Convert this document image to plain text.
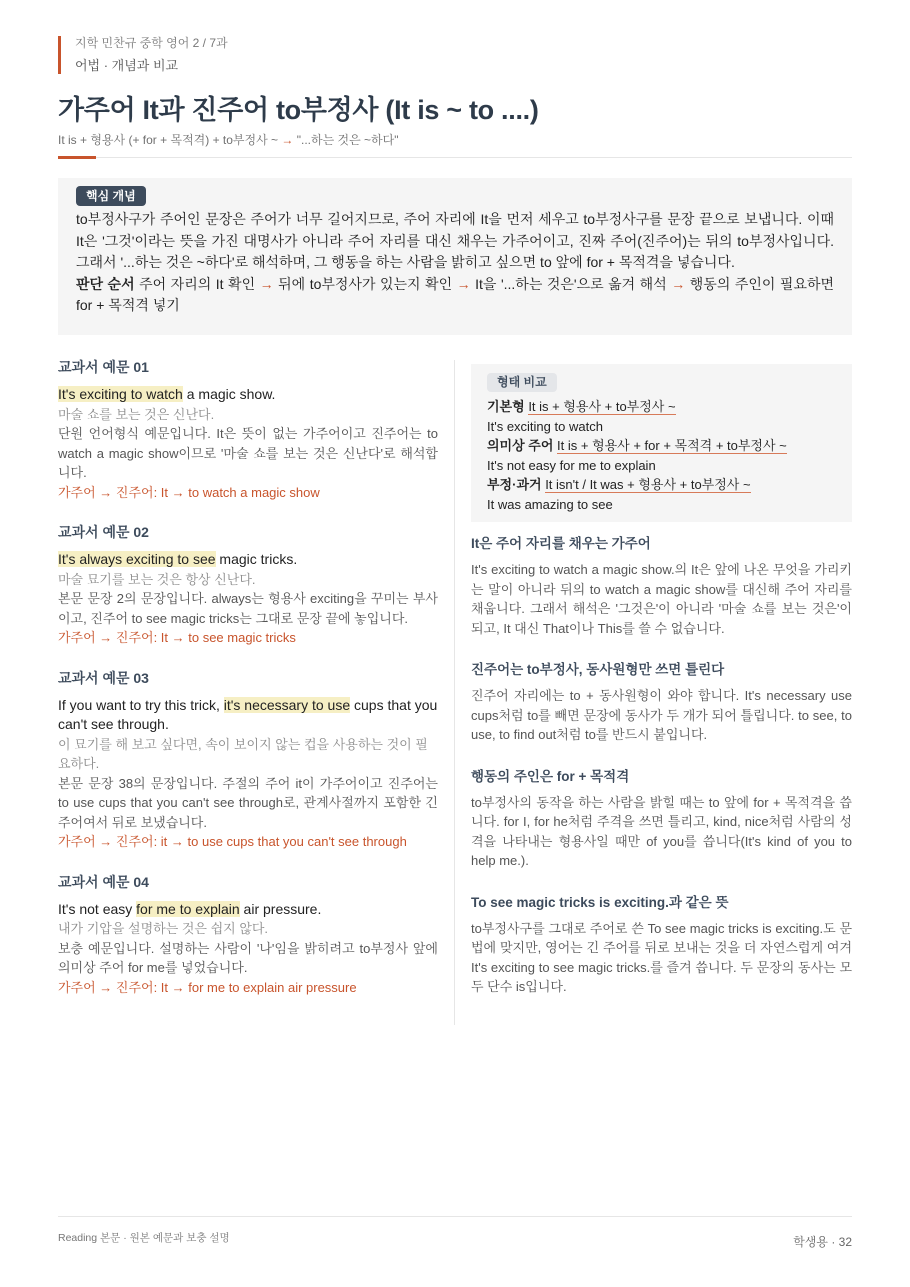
지학 민찬규 중학 영어 2 / 7과
어법 · 개념과 비교
가주어 It과 진주어 to부정사 (It is ~ to ....)
It is + 형용사 (+ for + 목적격) + to부정사 ~ → "...하는 것은 ~하다"
핵심 개념

to부정사구가 주어인 문장은 주어가 너무 길어지므로, 주어 자리에 It을 먼저 세우고 to부정사구를 문장 끝으로 보냅니다. 이때 It은 '그것'이라는 뜻을 가진 대명사가 아니라 주어 자리를 대신 채우는 가주어이고, 진짜 주어(진주어)는 뒤의 to부정사입니다. 그래서 '...하는 것은 ~하다'로 해석하며, 그 행동을 하는 사람을 밝히고 싶으면 to 앞에 for + 목적격을 넣습니다.

판단 순서 주어 자리의 It 확인 → 뒤에 to부정사가 있는지 확인 → It을 '...하는 것은'으로 옮겨 해석 → 행동의 주인이 필요하면 for + 목적격 넣기

교과서 예문 01
It's exciting to watch a magic show.
마술 쇼를 보는 것은 신난다.
단원 언어형식 예문입니다. It은 뜻이 없는 가주어이고 진주어는 to watch a magic show이므로 '마술 쇼를 보는 것은 신난다'로 해석합니다.
가주어 → 진주어: It → to watch a magic show
교과서 예문 02
It's always exciting to see magic tricks.
마술 묘기를 보는 것은 항상 신난다.
본문 문장 2의 문장입니다. always는 형용사 exciting을 꾸미는 부사이고, 진주어 to see magic tricks는 그대로 문장 끝에 놓입니다.
가주어 → 진주어: It → to see magic tricks
교과서 예문 03
If you want to try this trick, it's necessary to use cups that you can't see through.
이 묘기를 해 보고 싶다면, 속이 보이지 않는 컵을 사용하는 것이 필요하다.
본문 문장 38의 문장입니다. 주절의 주어 it이 가주어이고 진주어는 to use cups that you can't see through로, 관계사절까지 포함한 긴 주어여서 뒤로 보냈습니다.
가주어 → 진주어: it → to use cups that you can't see through
교과서 예문 04
It's not easy for me to explain air pressure.
내가 기압을 설명하는 것은 쉽지 않다.
보충 예문입니다. 설명하는 사람이 '나'임을 밝히려고 to부정사 앞에 의미상 주어 for me를 넣었습니다.
가주어 → 진주어: It → for me to explain air pressure
형태 비교
기본형 It is + 형용사 + to부정사 ~
It's exciting to watch
의미상 주어 It is + 형용사 + for + 목적격 + to부정사 ~
It's not easy for me to explain
부정·과거 It isn't / It was + 형용사 + to부정사 ~
It was amazing to see
It은 주어 자리를 채우는 가주어
It's exciting to watch a magic show.의 It은 앞에 나온 무엇을 가리키는 말이 아니라 뒤의 to watch a magic show를 대신해 주어 자리를 채웁니다. 그래서 해석은 '그것은'이 아니라 '마술 쇼를 보는 것은'이 되고, It 대신 That이나 This를 쓸 수 없습니다.
진주어는 to부정사, 동사원형만 쓰면 틀린다
진주어 자리에는 to + 동사원형이 와야 합니다. It's necessary use cups처럼 to를 빼면 문장에 동사가 두 개가 되어 틀립니다. to see, to use, to find out처럼 to를 반드시 붙입니다.
행동의 주인은 for + 목적격
to부정사의 동작을 하는 사람을 밝힐 때는 to 앞에 for + 목적격을 씁니다. for I, for he처럼 주격을 쓰면 틀리고, kind, nice처럼 사람의 성격을 나타내는 형용사일 때만 of you를 씁니다(It's kind of you to help me.).
To see magic tricks is exciting.과 같은 뜻
to부정사구를 그대로 주어로 쓴 To see magic tricks is exciting.도 문법에 맞지만, 영어는 긴 주어를 뒤로 보내는 것을 더 자연스럽게 여겨 It's exciting to see magic tricks.를 즐겨 씁니다. 두 문장의 동사는 모두 단수 is입니다.
Reading 본문 · 원본 예문과 보충 설명	학생용 · 32
